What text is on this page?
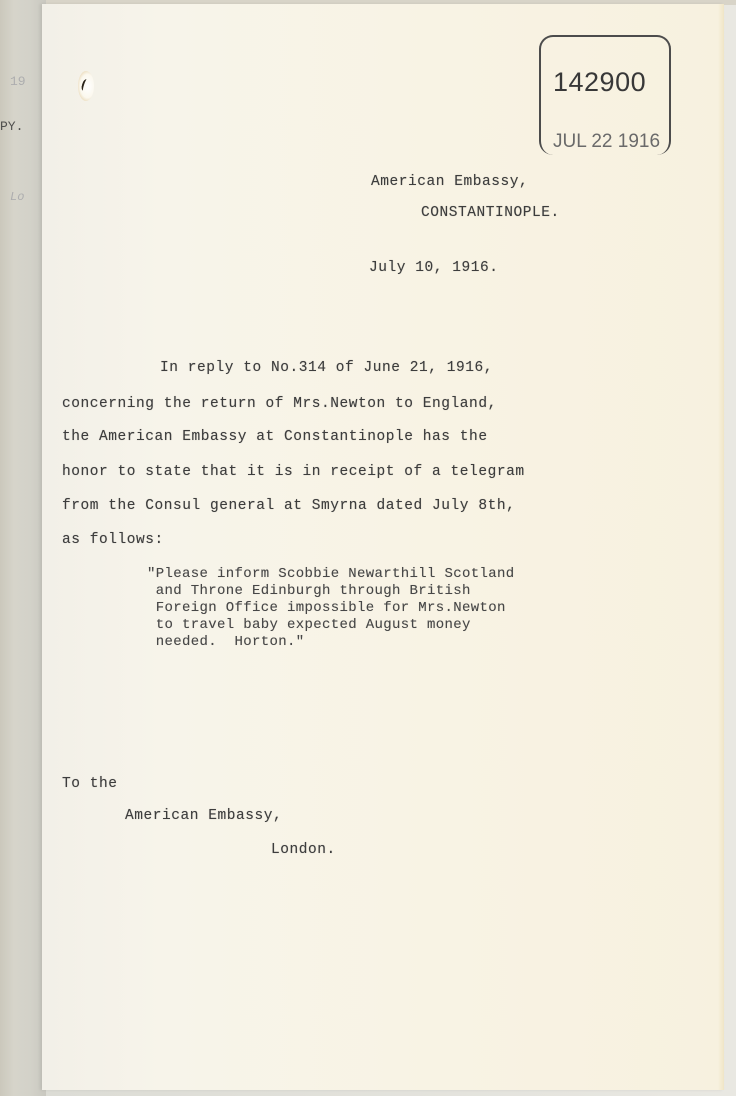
19
PY.
Lo
142900
JUL 22 1916
American Embassy,
CONSTANTINOPLE.
July 10, 1916.
In reply to No.314 of June 21, 1916,
concerning the return of Mrs.Newton to England,
the American Embassy at Constantinople has the
honor to state that it is in receipt of a telegram
from the Consul general at Smyrna dated July 8th,
as follows:
"Please inform Scobbie Newarthill Scotland
and Throne Edinburgh through British
Foreign Office impossible for Mrs.Newton
to travel baby expected August money
needed.  Horton."
To the
American Embassy,
London.
